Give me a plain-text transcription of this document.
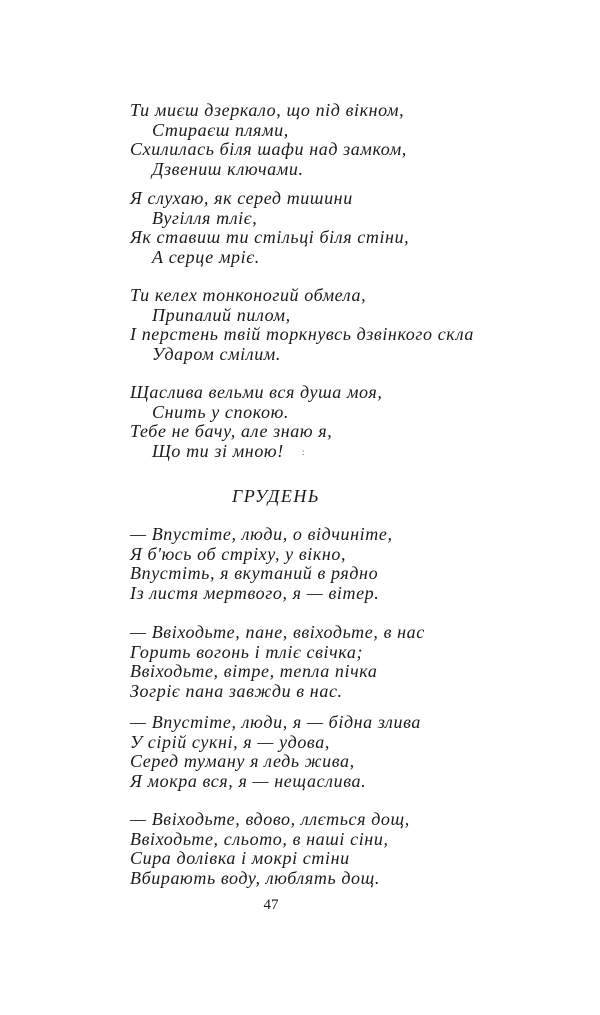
Ти миєш дзеркало, що під вікном,
Стираєш плями,
Схилилась біля шафи над замком,
Дзвениш ключами.
Я слухаю, як серед тишини
Вугілля тліє,
Як ставиш ти стільці біля стіни,
А серце мріє.
Ти келех тонконогий обмела,
Припалий пилом,
І перстень твій торкнувсь дзвінкого скла
Ударом смілим.
Щаслива вельми вся душа моя,
Снить у спокою.
Тебе не бачу, але знаю я,
Що ти зі мною!	:
ГРУДЕНЬ
— Впустіте, люди, о відчиніте,
Я б'юсь об стріху, у вікно,
Впустіть, я вкутаний в рядно
Із листя мертвого, я — вітер.
— Ввіходьте, пане, ввіходьте, в нас
Горить вогонь і тліє свічка;
Ввіходьте, вітре, тепла пічка
Зогріє пана завжди в нас.
— Впустіте, люди, я — бідна злива
У сірій сукні, я — удова,
Серед туману я ледь жива,
Я мокра вся, я — нещаслива.
— Ввіходьте, вдово, ллється дощ,
Ввіходьте, сльото, в наші сіни,
Сира долівка і мокрі стіни
Вбирають воду, люблять дощ.
47
